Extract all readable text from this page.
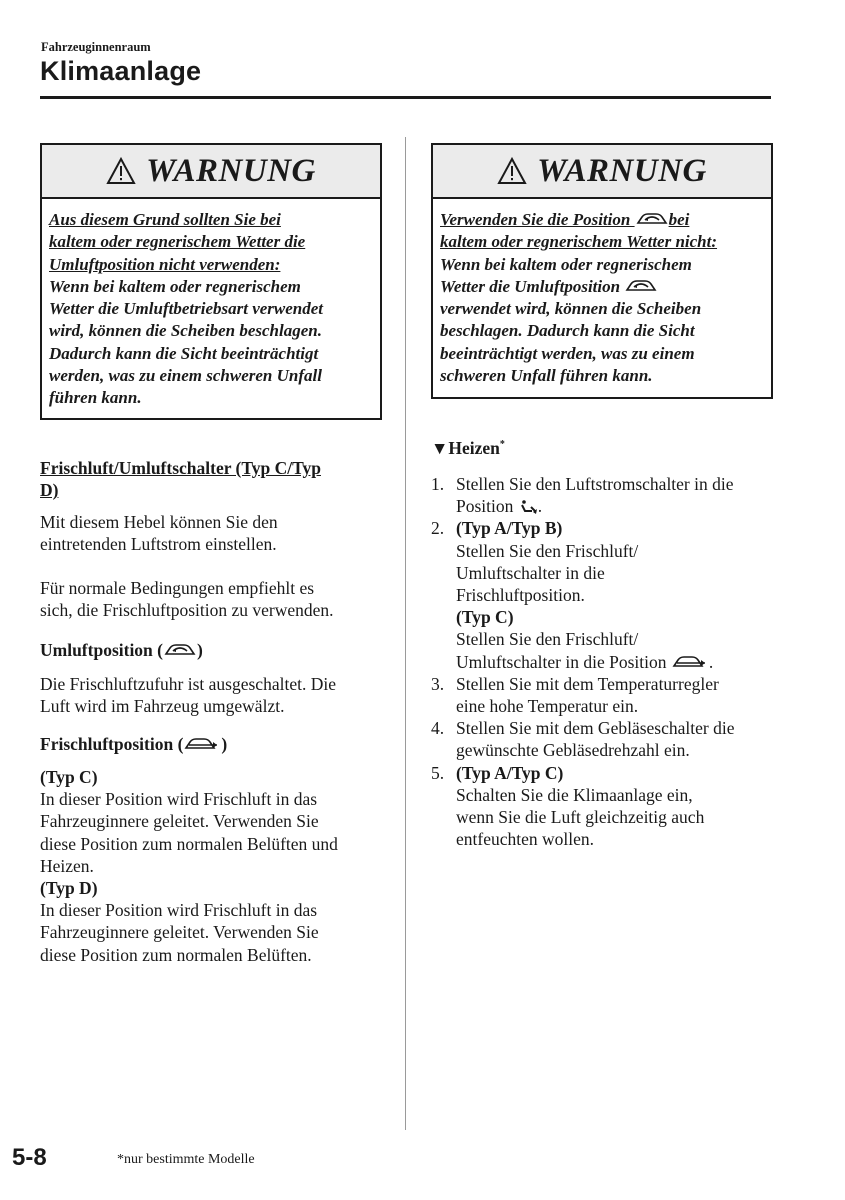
Fahrzeuginnenraum
Klimaanlage
WARNUNG
Aus diesem Grund sollten Sie bei
kaltem oder regnerischem Wetter die
Umluftposition nicht verwenden:
Wenn bei kaltem oder regnerischem
Wetter die Umluftbetriebsart verwendet
wird, können die Scheiben beschlagen.
Dadurch kann die Sicht beeinträchtigt
werden, was zu einem schweren Unfall
führen kann.
WARNUNG
Verwenden Sie die Position bei
kaltem oder regnerischem Wetter nicht:
Wenn bei kaltem oder regnerischem
Wetter die Umluftposition
verwendet wird, können die Scheiben
beschlagen. Dadurch kann die Sicht
beeinträchtigt werden, was zu einem
schweren Unfall führen kann.
Frischluft/Umluftschalter (Typ C/Typ
D)
Mit diesem Hebel können Sie den
eintretenden Luftstrom einstellen.
Für normale Bedingungen empfiehlt es
sich, die Frischluftposition zu verwenden.
Umluftposition ( )
Die Frischluftzufuhr ist ausgeschaltet. Die
Luft wird im Fahrzeug umgewälzt.
Frischluftposition ( )
(Typ C)
In dieser Position wird Frischluft in das
Fahrzeuginnere geleitet. Verwenden Sie
diese Position zum normalen Belüften und
Heizen.
(Typ D)
In dieser Position wird Frischluft in das
Fahrzeuginnere geleitet. Verwenden Sie
diese Position zum normalen Belüften.
▼Heizen*
1. Stellen Sie den Luftstromschalter in die
Position .
2. (Typ A/Typ B)
Stellen Sie den Frischluft/
Umluftschalter in die
Frischluftposition.
(Typ C)
Stellen Sie den Frischluft/
Umluftschalter in die Position .
3. Stellen Sie mit dem Temperaturregler
eine hohe Temperatur ein.
4. Stellen Sie mit dem Gebläseschalter die
gewünschte Gebläsedrehzahl ein.
5. (Typ A/Typ C)
Schalten Sie die Klimaanlage ein,
wenn Sie die Luft gleichzeitig auch
entfeuchten wollen.
5-8	*nur bestimmte Modelle
